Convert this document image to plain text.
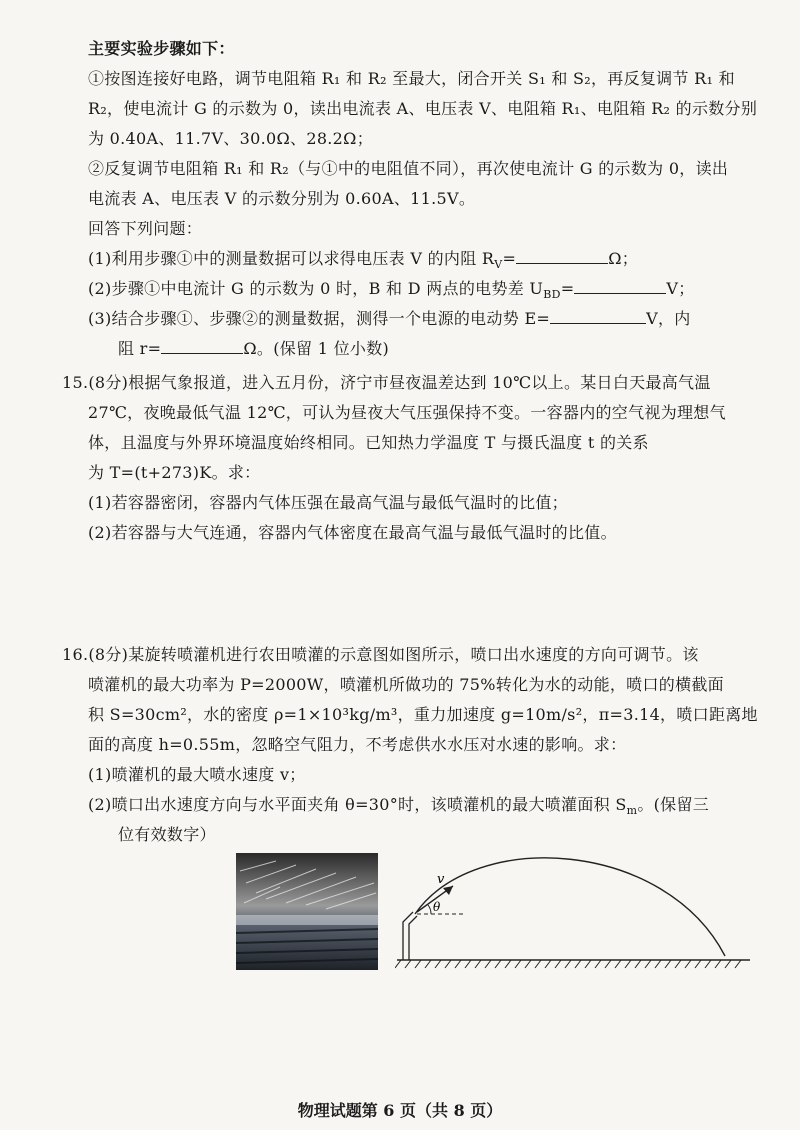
主要实验步骤如下：
①按图连接好电路，调节电阻箱 R₁ 和 R₂ 至最大，闭合开关 S₁ 和 S₂，再反复调节 R₁ 和
R₂，使电流计 G 的示数为 0，读出电流表 A、电压表 V、电阻箱 R₁、电阻箱 R₂ 的示数分别
为 0.40A、11.7V、30.0Ω、28.2Ω；
②反复调节电阻箱 R₁ 和 R₂（与①中的电阻值不同），再次使电流计 G 的示数为 0，读出
电流表 A、电压表 V 的示数分别为 0.60A、11.5V。
回答下列问题：
(1)利用步骤①中的测量数据可以求得电压表 V 的内阻 $R_V=$	Ω；
(2)步骤①中电流计 G 的示数为 0 时，B 和 D 两点的电势差 $U_{BD}=$	V；
(3)结合步骤①、步骤②的测量数据，测得一个电源的电动势 E=	V，内
阻 r=	Ω。(保留 1 位小数)
15.(8分)根据气象报道，进入五月份，济宁市昼夜温差达到 10℃以上。某日白天最高气温
27℃，夜晚最低气温 12℃，可认为昼夜大气压强保持不变。一容器内的空气视为理想气
体，且温度与外界环境温度始终相同。已知热力学温度 T 与摄氏温度 t 的关系
为 T=(t+273)K。求：
(1)若容器密闭，容器内气体压强在最高气温与最低气温时的比值；
(2)若容器与大气连通，容器内气体密度在最高气温与最低气温时的比值。
16.(8分)某旋转喷灌机进行农田喷灌的示意图如图所示，喷口出水速度的方向可调节。该
喷灌机的最大功率为 P=2000W，喷灌机所做功的 75%转化为水的动能，喷口的横截面
积 S=30cm²，水的密度 ρ=1×10³kg/m³，重力加速度 g=10m/s²，π=3.14，喷口距离地
面的高度 h=0.55m，忽略空气阻力，不考虑供水水压对水速的影响。求：
(1)喷灌机的最大喷水速度 v；
(2)喷口出水速度方向与水平面夹角 θ=30°时，该喷灌机的最大喷灌面积 $S_m$。(保留三
位有效数字）
v
θ
物理试题第 6 页（共 8 页）
